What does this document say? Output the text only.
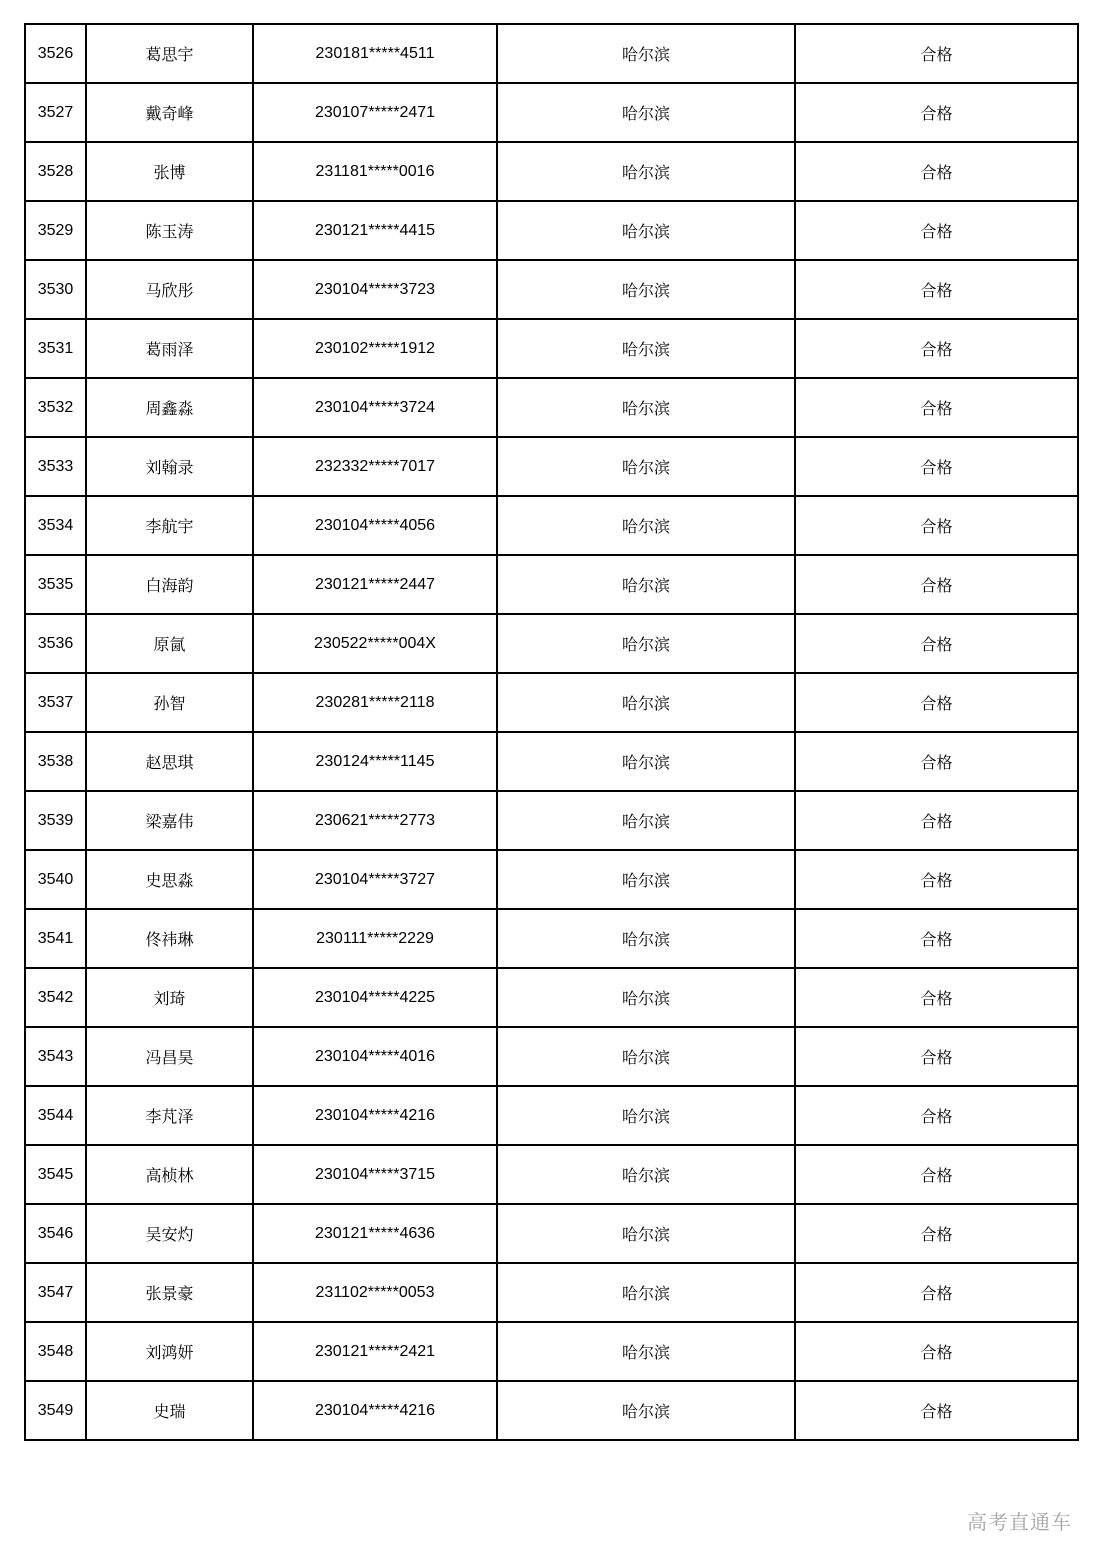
3526	葛思宇	230181*****4511	哈尔滨	合格
3527	戴奇峰	230107*****2471	哈尔滨	合格
3528	张博	231181*****0016	哈尔滨	合格
3529	陈玉涛	230121*****4415	哈尔滨	合格
3530	马欣彤	230104*****3723	哈尔滨	合格
3531	葛雨泽	230102*****1912	哈尔滨	合格
3532	周鑫淼	230104*****3724	哈尔滨	合格
3533	刘翰录	232332*****7017	哈尔滨	合格
3534	李航宇	230104*****4056	哈尔滨	合格
3535	白海韵	230121*****2447	哈尔滨	合格
3536	原氤	230522*****004X	哈尔滨	合格
3537	孙智	230281*****2118	哈尔滨	合格
3538	赵思琪	230124*****1145	哈尔滨	合格
3539	梁嘉伟	230621*****2773	哈尔滨	合格
3540	史思淼	230104*****3727	哈尔滨	合格
3541	佟祎琳	230111*****2229	哈尔滨	合格
3542	刘琦	230104*****4225	哈尔滨	合格
3543	冯昌昊	230104*****4016	哈尔滨	合格
3544	李芃泽	230104*****4216	哈尔滨	合格
3545	高桢林	230104*****3715	哈尔滨	合格
3546	吴安灼	230121*****4636	哈尔滨	合格
3547	张景豪	231102*****0053	哈尔滨	合格
3548	刘鸿妍	230121*****2421	哈尔滨	合格
3549	史瑞	230104*****4216	哈尔滨	合格
高考直通车
